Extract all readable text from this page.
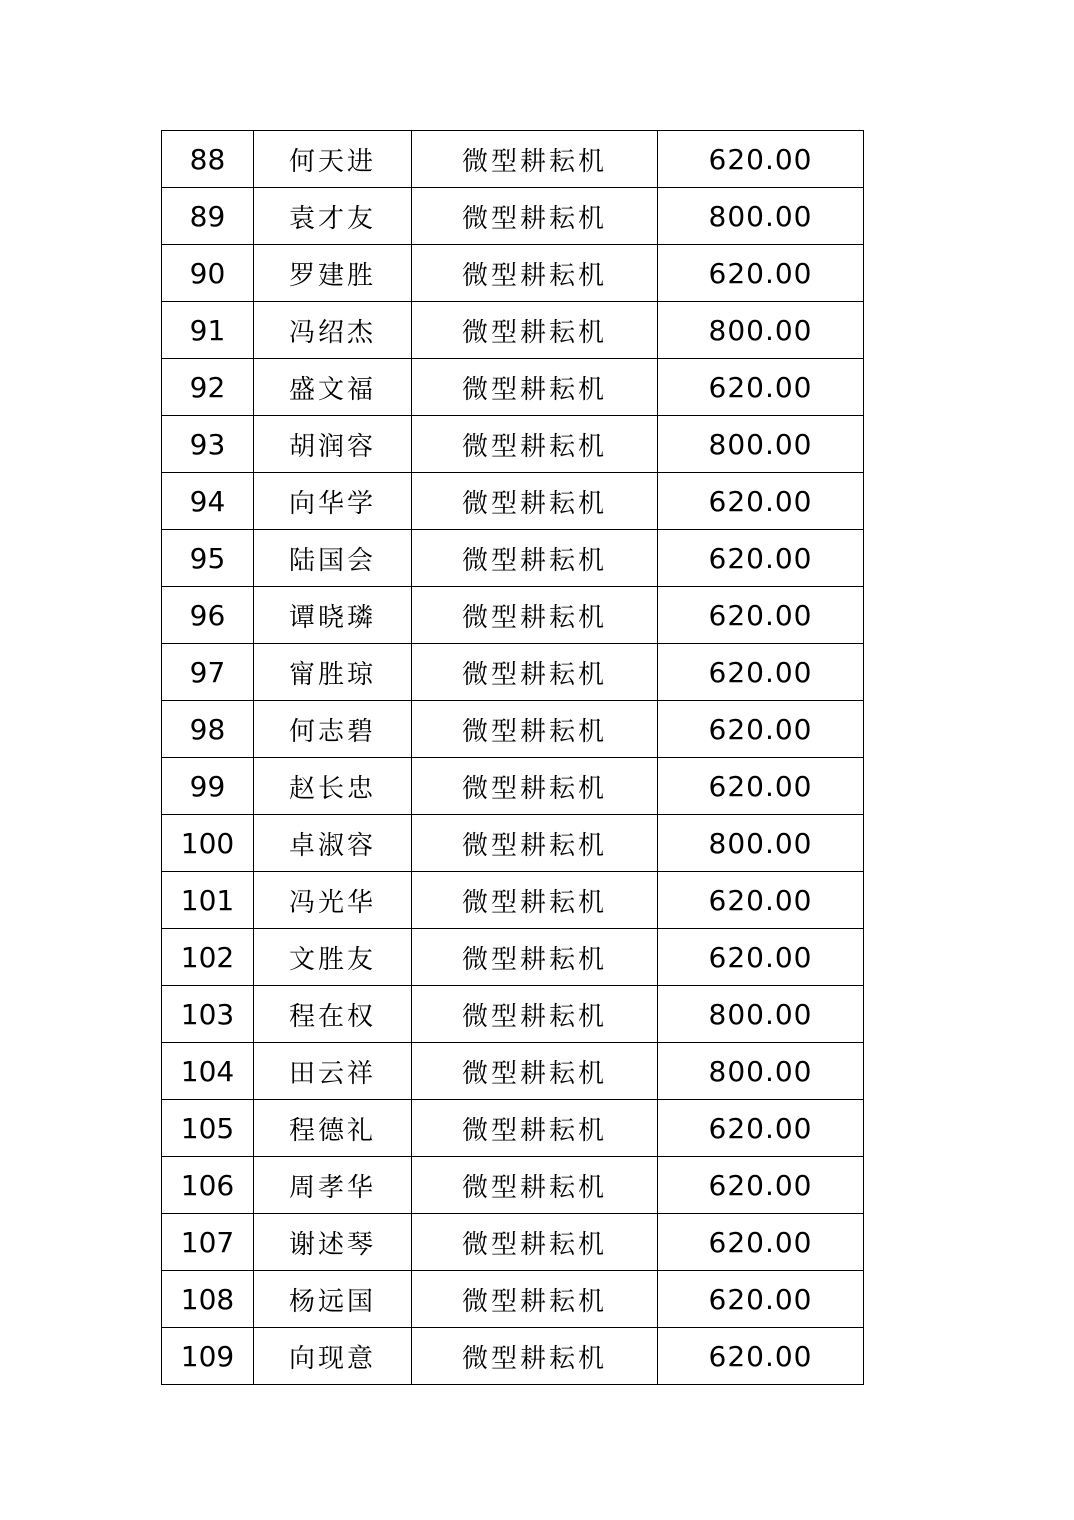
88	何天进	微型耕耘机	620.00
89	袁才友	微型耕耘机	800.00
90	罗建胜	微型耕耘机	620.00
91	冯绍杰	微型耕耘机	800.00
92	盛文福	微型耕耘机	620.00
93	胡润容	微型耕耘机	800.00
94	向华学	微型耕耘机	620.00
95	陆国会	微型耕耘机	620.00
96	谭晓璘	微型耕耘机	620.00
97	甯胜琼	微型耕耘机	620.00
98	何志碧	微型耕耘机	620.00
99	赵长忠	微型耕耘机	620.00
100	卓淑容	微型耕耘机	800.00
101	冯光华	微型耕耘机	620.00
102	文胜友	微型耕耘机	620.00
103	程在权	微型耕耘机	800.00
104	田云祥	微型耕耘机	800.00
105	程德礼	微型耕耘机	620.00
106	周孝华	微型耕耘机	620.00
107	谢述琴	微型耕耘机	620.00
108	杨远国	微型耕耘机	620.00
109	向现意	微型耕耘机	620.00
